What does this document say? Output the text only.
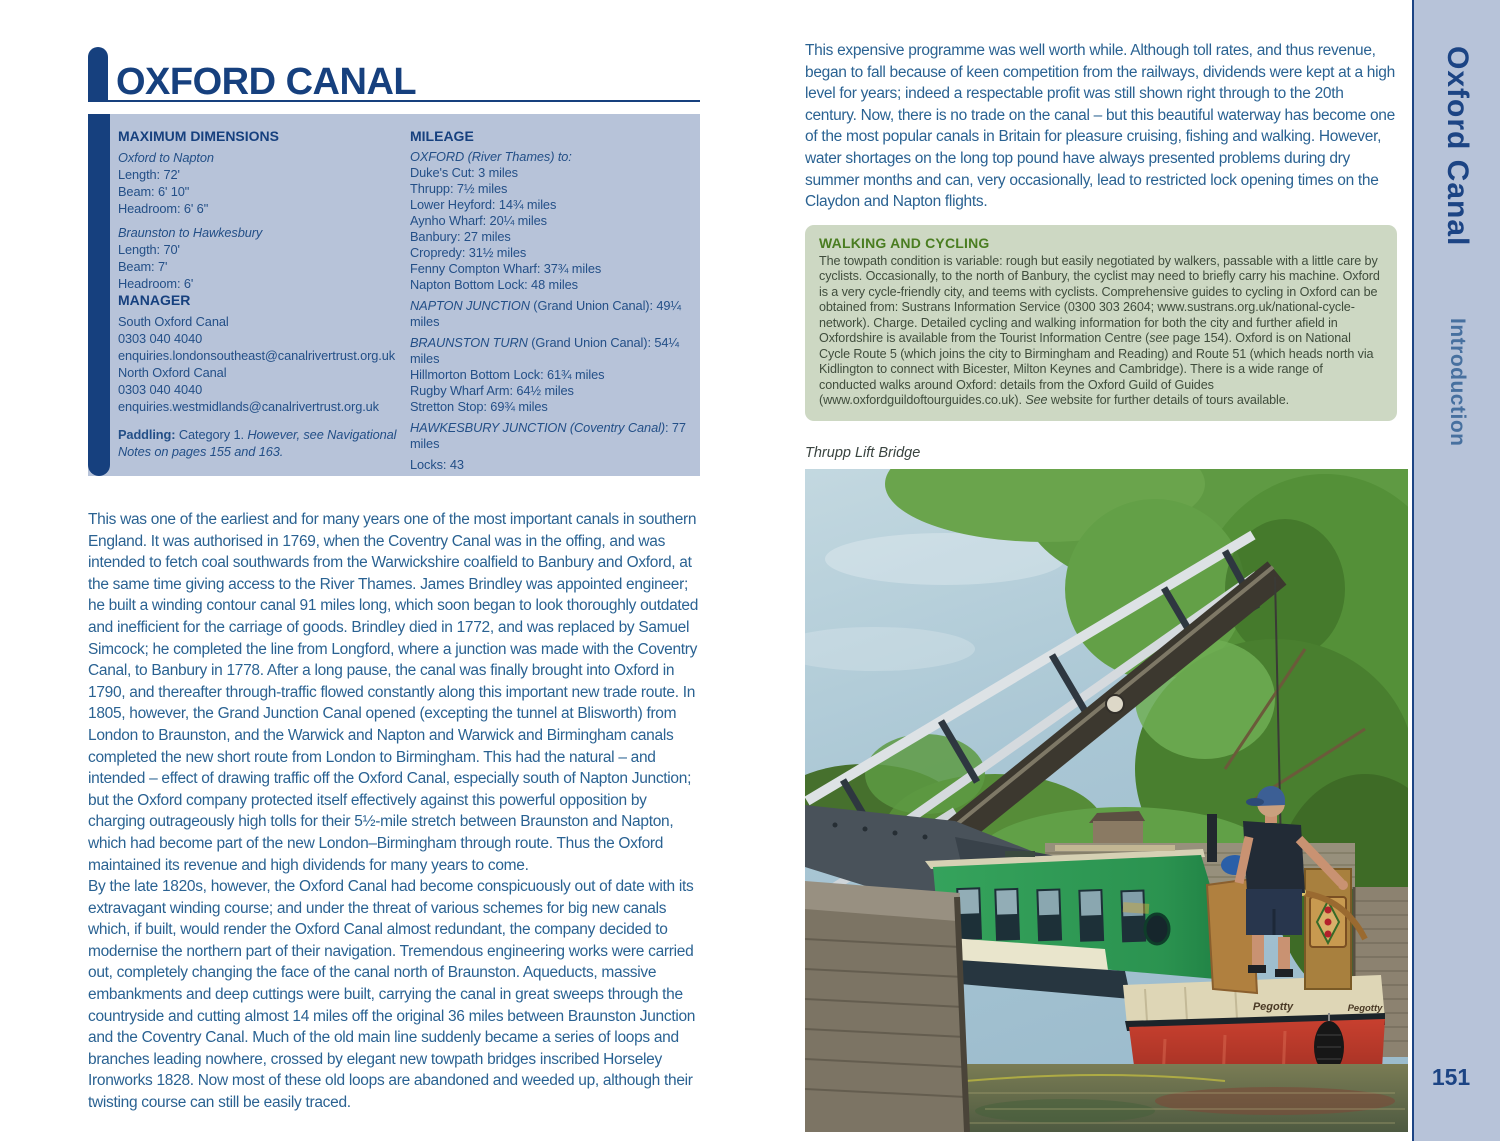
OXFORD CANAL
MAXIMUM DIMENSIONS
Oxford to Napton
Length: 72'
Beam: 6' 10"
Headroom: 6' 6"
Braunston to Hawkesbury
Length: 70'
Beam: 7'
Headroom: 6'
MANAGER
South Oxford Canal
0303 040 4040
enquiries.londonsoutheast@canalrivertrust.org.uk
North Oxford Canal
0303 040 4040
enquiries.westmidlands@canalrivertrust.org.uk
Paddling: Category 1. However, see Navigational Notes on pages 155 and 163.
MILEAGE
OXFORD (River Thames) to:
Duke's Cut: 3 miles
Thrupp: 7½ miles
Lower Heyford: 14¾ miles
Aynho Wharf: 20¼ miles
Banbury: 27 miles
Cropredy: 31½ miles
Fenny Compton Wharf: 37¾ miles
Napton Bottom Lock: 48 miles
NAPTON JUNCTION (Grand Union Canal): 49¼ miles
BRAUNSTON TURN (Grand Union Canal): 54¼ miles
Hillmorton Bottom Lock: 61¾ miles
Rugby Wharf Arm: 64½ miles
Stretton Stop: 69¾ miles
HAWKESBURY JUNCTION (Coventry Canal): 77 miles
Locks: 43

This was one of the earliest and for many years one of the most important canals in southern England. It was authorised in 1769, when the Coventry Canal was in the offing, and was intended to fetch coal southwards from the Warwickshire coalfield to Banbury and Oxford, at the same time giving access to the River Thames. James Brindley was appointed engineer; he built a winding contour canal 91 miles long, which soon began to look thoroughly outdated and inefficient for the carriage of goods. Brindley died in 1772, and was replaced by Samuel Simcock; he completed the line from Longford, where a junction was made with the Coventry Canal, to Banbury in 1778. After a long pause, the canal was finally brought into Oxford in 1790, and thereafter through-traffic flowed constantly along this important new trade route. In 1805, however, the Grand Junction Canal opened (excepting the tunnel at Blisworth) from London to Braunston, and the Warwick and Napton and Warwick and Birmingham canals completed the new short route from London to Birmingham. This had the natural – and intended – effect of drawing traffic off the Oxford Canal, especially south of Napton Junction; but the Oxford company protected itself effectively against this powerful opposition by charging outrageously high tolls for their 5½-mile stretch between Braunston and Napton, which had become part of the new London–Birmingham through route. Thus the Oxford maintained its revenue and high dividends for many years to come.

By the late 1820s, however, the Oxford Canal had become conspicuously out of date with its extravagant winding course; and under the threat of various schemes for big new canals which, if built, would render the Oxford Canal almost redundant, the company decided to modernise the northern part of their navigation. Tremendous engineering works were carried out, completely changing the face of the canal north of Braunston. Aqueducts, massive embankments and deep cuttings were built, carrying the canal in great sweeps through the countryside and cutting almost 14 miles off the original 36 miles between Braunston Junction and the Coventry Canal. Much of the old main line suddenly became a series of loops and branches leading nowhere, crossed by elegant new towpath bridges inscribed Horseley Ironworks 1828. Now most of these old loops are abandoned and weeded up, although their twisting course can still be easily traced.

This expensive programme was well worth while. Although toll rates, and thus revenue, began to fall because of keen competition from the railways, dividends were kept at a high level for years; indeed a respectable profit was still shown right through to the 20th century. Now, there is no trade on the canal – but this beautiful waterway has become one of the most popular canals in Britain for pleasure cruising, fishing and walking. However, water shortages on the long top pound have always presented problems during dry summer months and can, very occasionally, lead to restricted lock opening times on the Claydon and Napton flights.

WALKING AND CYCLING
The towpath condition is variable: rough but easily negotiated by walkers, passable with a little care by cyclists. Occasionally, to the north of Banbury, the cyclist may need to briefly carry his machine. Oxford is a very cycle-friendly city, and teems with cyclists. Comprehensive guides to cycling in Oxford can be obtained from: Sustrans Information Service (0300 303 2604; www.sustrans.org.uk/national-cycle-network). Charge. Detailed cycling and walking information for both the city and further afield in Oxfordshire is available from the Tourist Information Centre (see page 154). Oxford is on National Cycle Route 5 (which joins the city to Birmingham and Reading) and Route 51 (which heads north via Kidlington to connect with Bicester, Milton Keynes and Cambridge). There is a wide range of conducted walks around Oxford: details from the Oxford Guild of Guides (www.oxfordguildoftourguides.co.uk). See website for further details of tours available.
Thrupp Lift Bridge
Pegotty	Pegotty
Oxford Canal
Introduction
151
